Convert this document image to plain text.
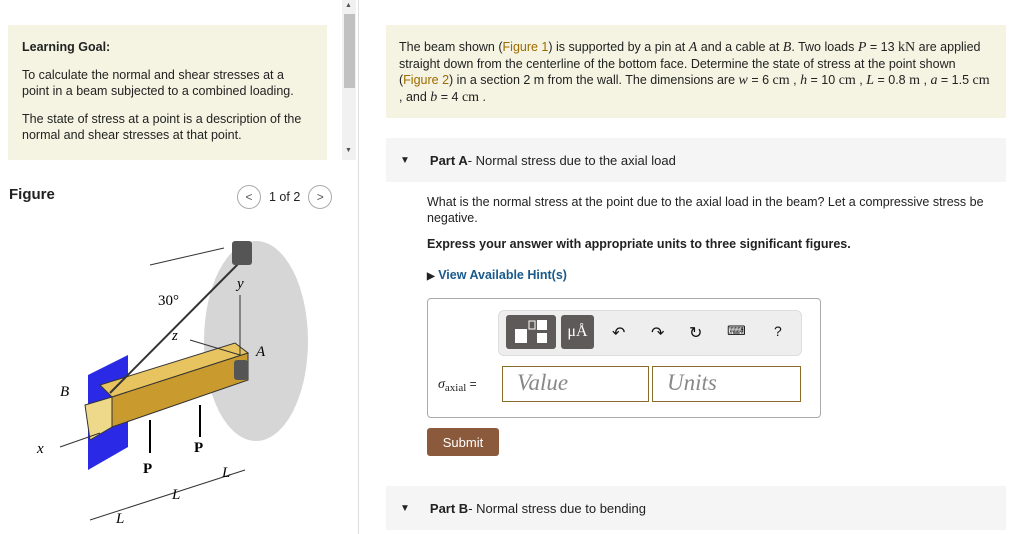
Learning Goal:

To calculate the normal and shear stresses at a point in a beam subjected to a combined loading.

The state of stress at a point is a description of the normal and shear stresses at that point.

▲
▼
Figure	<	1 of 2	>
30°
y
z
A
B
x
P
P
L
L
L
The beam shown (Figure 1) is supported by a pin at A and a cable at B. Two loads P = 13 kN are applied straight down from the centerline of the bottom face. Determine the state of stress at the point shown (Figure 2) in a section 2 m from the wall. The dimensions are w = 6 cm , h = 10 cm , L = 0.8 m , a = 1.5 cm , and b = 4 cm .
▼ Part A - Normal stress due to the axial load
What is the normal stress at the point due to the axial load in the beam? Let a compressive stress be negative.
Express your answer with appropriate units to three significant figures.
▶ View Available Hint(s)
μÅ	↶ ↷ ↻ ⌨ ?
σaxial =	Value	Units
Submit
▼ Part B - Normal stress due to bending
